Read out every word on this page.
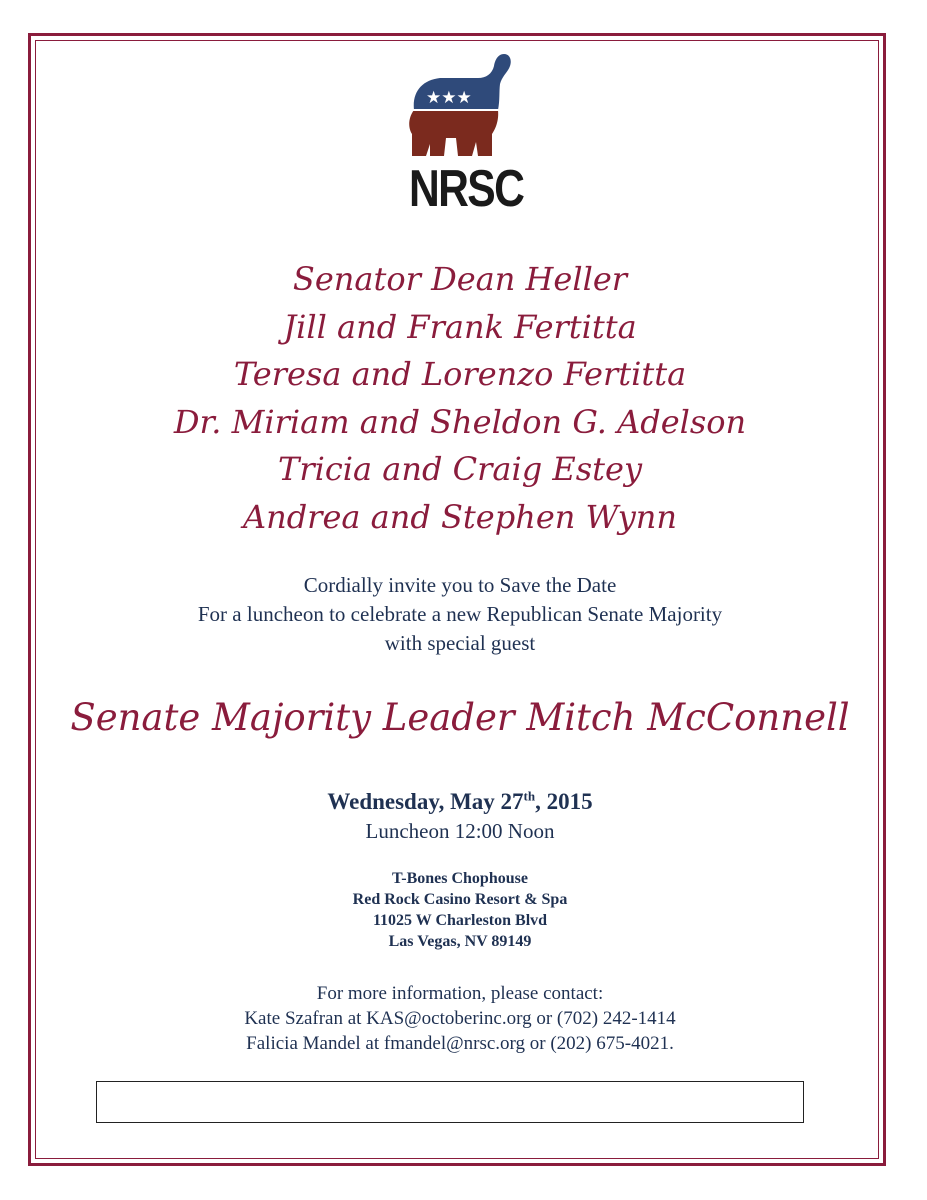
★★★
NRSC
Senator Dean Heller
Jill and Frank Fertitta
Teresa and Lorenzo Fertitta
Dr. Miriam and Sheldon G. Adelson
Tricia and Craig Estey
Andrea and Stephen Wynn
Cordially invite you to Save the Date
For a luncheon to celebrate a new Republican Senate Majority
with special guest
Senate Majority Leader Mitch McConnell
Wednesday, May 27th, 2015
Luncheon 12:00 Noon
T-Bones Chophouse
Red Rock Casino Resort & Spa
11025 W Charleston Blvd
Las Vegas, NV 89149
For more information, please contact:
Kate Szafran at KAS@octoberinc.org or (702) 242-1414
Falicia Mandel at fmandel@nrsc.org or (202) 675-4021.
